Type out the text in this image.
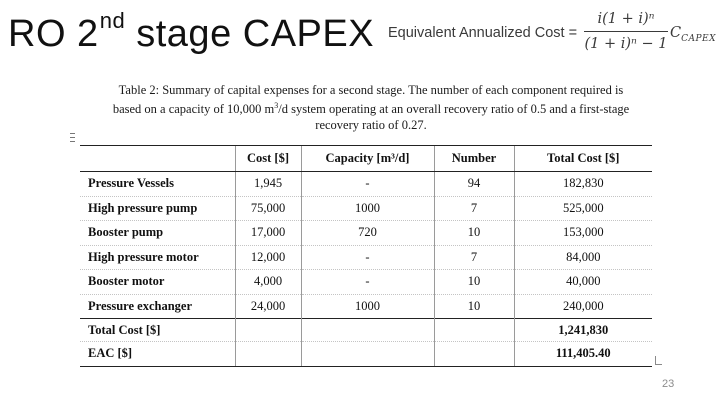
RO 2nd stage CAPEX Equivalent Annualized Cost =
i(1 + i)ⁿ
(1 + i)ⁿ − 1
$C_{CAPEX}$
Table 2: Summary of capital expenses for a second stage. The number of each component required is
based on a capacity of 10,000 $m^3/d$ system operating at an overall recovery ratio of 0.5 and a first-stage
recovery ratio of 0.27.
	Cost [$]	Capacity [m³/d]	Number	Total Cost [$]
Pressure Vessels	1,945	-	94	182,830
High pressure pump	75,000	1000	7	525,000
Booster pump	17,000	720	10	153,000
High pressure motor	12,000	-	7	84,000
Booster motor	4,000	-	10	40,000
Pressure exchanger	24,000	1000	10	240,000
Total Cost [$]				1,241,830
EAC [$]				111,405.40
23
